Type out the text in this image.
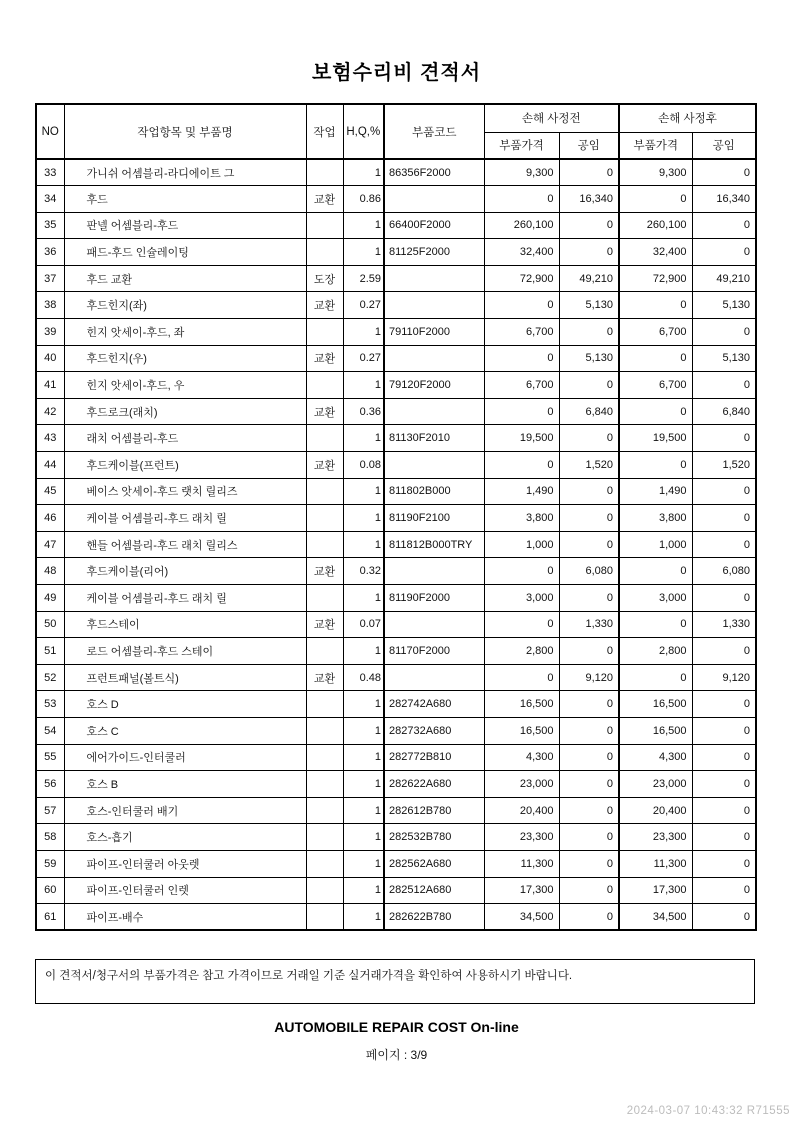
보험수리비 견적서
NO	작업항목 및 부품명	작업	H,Q,%	부품코드	손해 사정전		손해 사정후	
					부품가격	공임	부품가격	공임
33	가니쉬 어셈블리-라디에이트 그		1	86356F2000	9,300	0	9,300	0
34	후드	교환	0.86		0	16,340	0	16,340
35	판넬 어셈블리-후드		1	66400F2000	260,100	0	260,100	0
36	패드-후드 인슐레이팅		1	81125F2000	32,400	0	32,400	0
37	후드 교환	도장	2.59		72,900	49,210	72,900	49,210
38	후드힌지(좌)	교환	0.27		0	5,130	0	5,130
39	힌지 앗세이-후드, 좌		1	79110F2000	6,700	0	6,700	0
40	후드힌지(우)	교환	0.27		0	5,130	0	5,130
41	힌지 앗세이-후드, 우		1	79120F2000	6,700	0	6,700	0
42	후드로크(래치)	교환	0.36		0	6,840	0	6,840
43	래치 어셈블리-후드		1	81130F2010	19,500	0	19,500	0
44	후드케이블(프런트)	교환	0.08		0	1,520	0	1,520
45	베이스 앗세이-후드 랫치 릴리즈		1	811802B000	1,490	0	1,490	0
46	케이블 어셈블리-후드 래치 릴		1	81190F2100	3,800	0	3,800	0
47	핸들 어셈블리-후드 래치 릴리스		1	811812B000TRY	1,000	0	1,000	0
48	후드케이블(리어)	교환	0.32		0	6,080	0	6,080
49	케이블 어셈블리-후드 래치 릴		1	81190F2000	3,000	0	3,000	0
50	후드스테이	교환	0.07		0	1,330	0	1,330
51	로드 어셈블리-후드 스테이		1	81170F2000	2,800	0	2,800	0
52	프런트패널(볼트식)	교환	0.48		0	9,120	0	9,120
53	호스 D		1	282742A680	16,500	0	16,500	0
54	호스 C		1	282732A680	16,500	0	16,500	0
55	에어가이드-인터쿨러		1	282772B810	4,300	0	4,300	0
56	호스 B		1	282622A680	23,000	0	23,000	0
57	호스-인터쿨러 배기		1	282612B780	20,400	0	20,400	0
58	호스-흡기		1	282532B780	23,300	0	23,300	0
59	파이프-인터쿨러 아웃렛		1	282562A680	11,300	0	11,300	0
60	파이프-인터쿨러 인렛		1	282512A680	17,300	0	17,300	0
61	파이프-배수		1	282622B780	34,500	0	34,500	0
이 견적서/청구서의 부품가격은 참고 가격이므로 거래일 기준 실거래가격을 확인하여 사용하시기 바랍니다.
AUTOMOBILE REPAIR COST On-line
페이지 : 3/9
2024-03-07 10:43:32 R71555
